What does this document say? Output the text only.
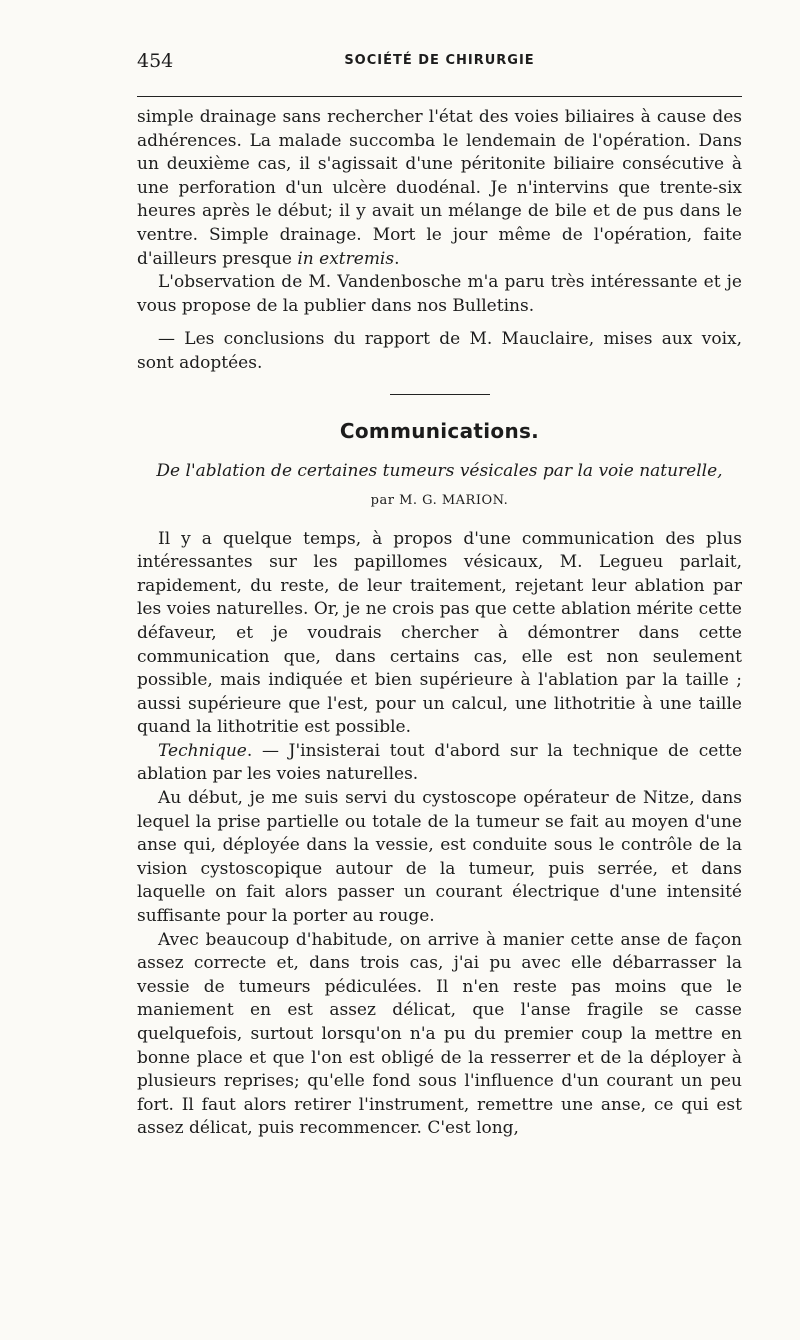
454	SOCIÉTÉ DE CHIRURGIE

simple drainage sans rechercher l'état des voies biliaires à cause des adhérences. La malade succomba le lendemain de l'opération. Dans un deuxième cas, il s'agissait d'une péritonite biliaire consécutive à une perforation d'un ulcère duodénal. Je n'intervins que trente-six heures après le début; il y avait un mélange de bile et de pus dans le ventre. Simple drainage. Mort le jour même de l'opération, faite d'ailleurs presque in extremis.

L'observation de M. Vandenbosche m'a paru très intéressante et je vous propose de la publier dans nos Bulletins.

— Les conclusions du rapport de M. Mauclaire, mises aux voix, sont adoptées.

Communications.
De l'ablation de certaines tumeurs vésicales par la voie naturelle,
par M. G. MARION.

Il y a quelque temps, à propos d'une communication des plus intéressantes sur les papillomes vésicaux, M. Legueu parlait, rapidement, du reste, de leur traitement, rejetant leur ablation par les voies naturelles. Or, je ne crois pas que cette ablation mérite cette défaveur, et je voudrais chercher à démontrer dans cette communication que, dans certains cas, elle est non seulement possible, mais indiquée et bien supérieure à l'ablation par la taille ; aussi supérieure que l'est, pour un calcul, une lithotritie à une taille quand la lithotritie est possible.

Technique. — J'insisterai tout d'abord sur la technique de cette ablation par les voies naturelles.

Au début, je me suis servi du cystoscope opérateur de Nitze, dans lequel la prise partielle ou totale de la tumeur se fait au moyen d'une anse qui, déployée dans la vessie, est conduite sous le contrôle de la vision cystoscopique autour de la tumeur, puis serrée, et dans laquelle on fait alors passer un courant électrique d'une intensité suffisante pour la porter au rouge.

Avec beaucoup d'habitude, on arrive à manier cette anse de façon assez correcte et, dans trois cas, j'ai pu avec elle débarrasser la vessie de tumeurs pédiculées. Il n'en reste pas moins que le maniement en est assez délicat, que l'anse fragile se casse quelquefois, surtout lorsqu'on n'a pu du premier coup la mettre en bonne place et que l'on est obligé de la resserrer et de la déployer à plusieurs reprises; qu'elle fond sous l'influence d'un courant un peu fort. Il faut alors retirer l'instrument, remettre une anse, ce qui est assez délicat, puis recommencer. C'est long,
